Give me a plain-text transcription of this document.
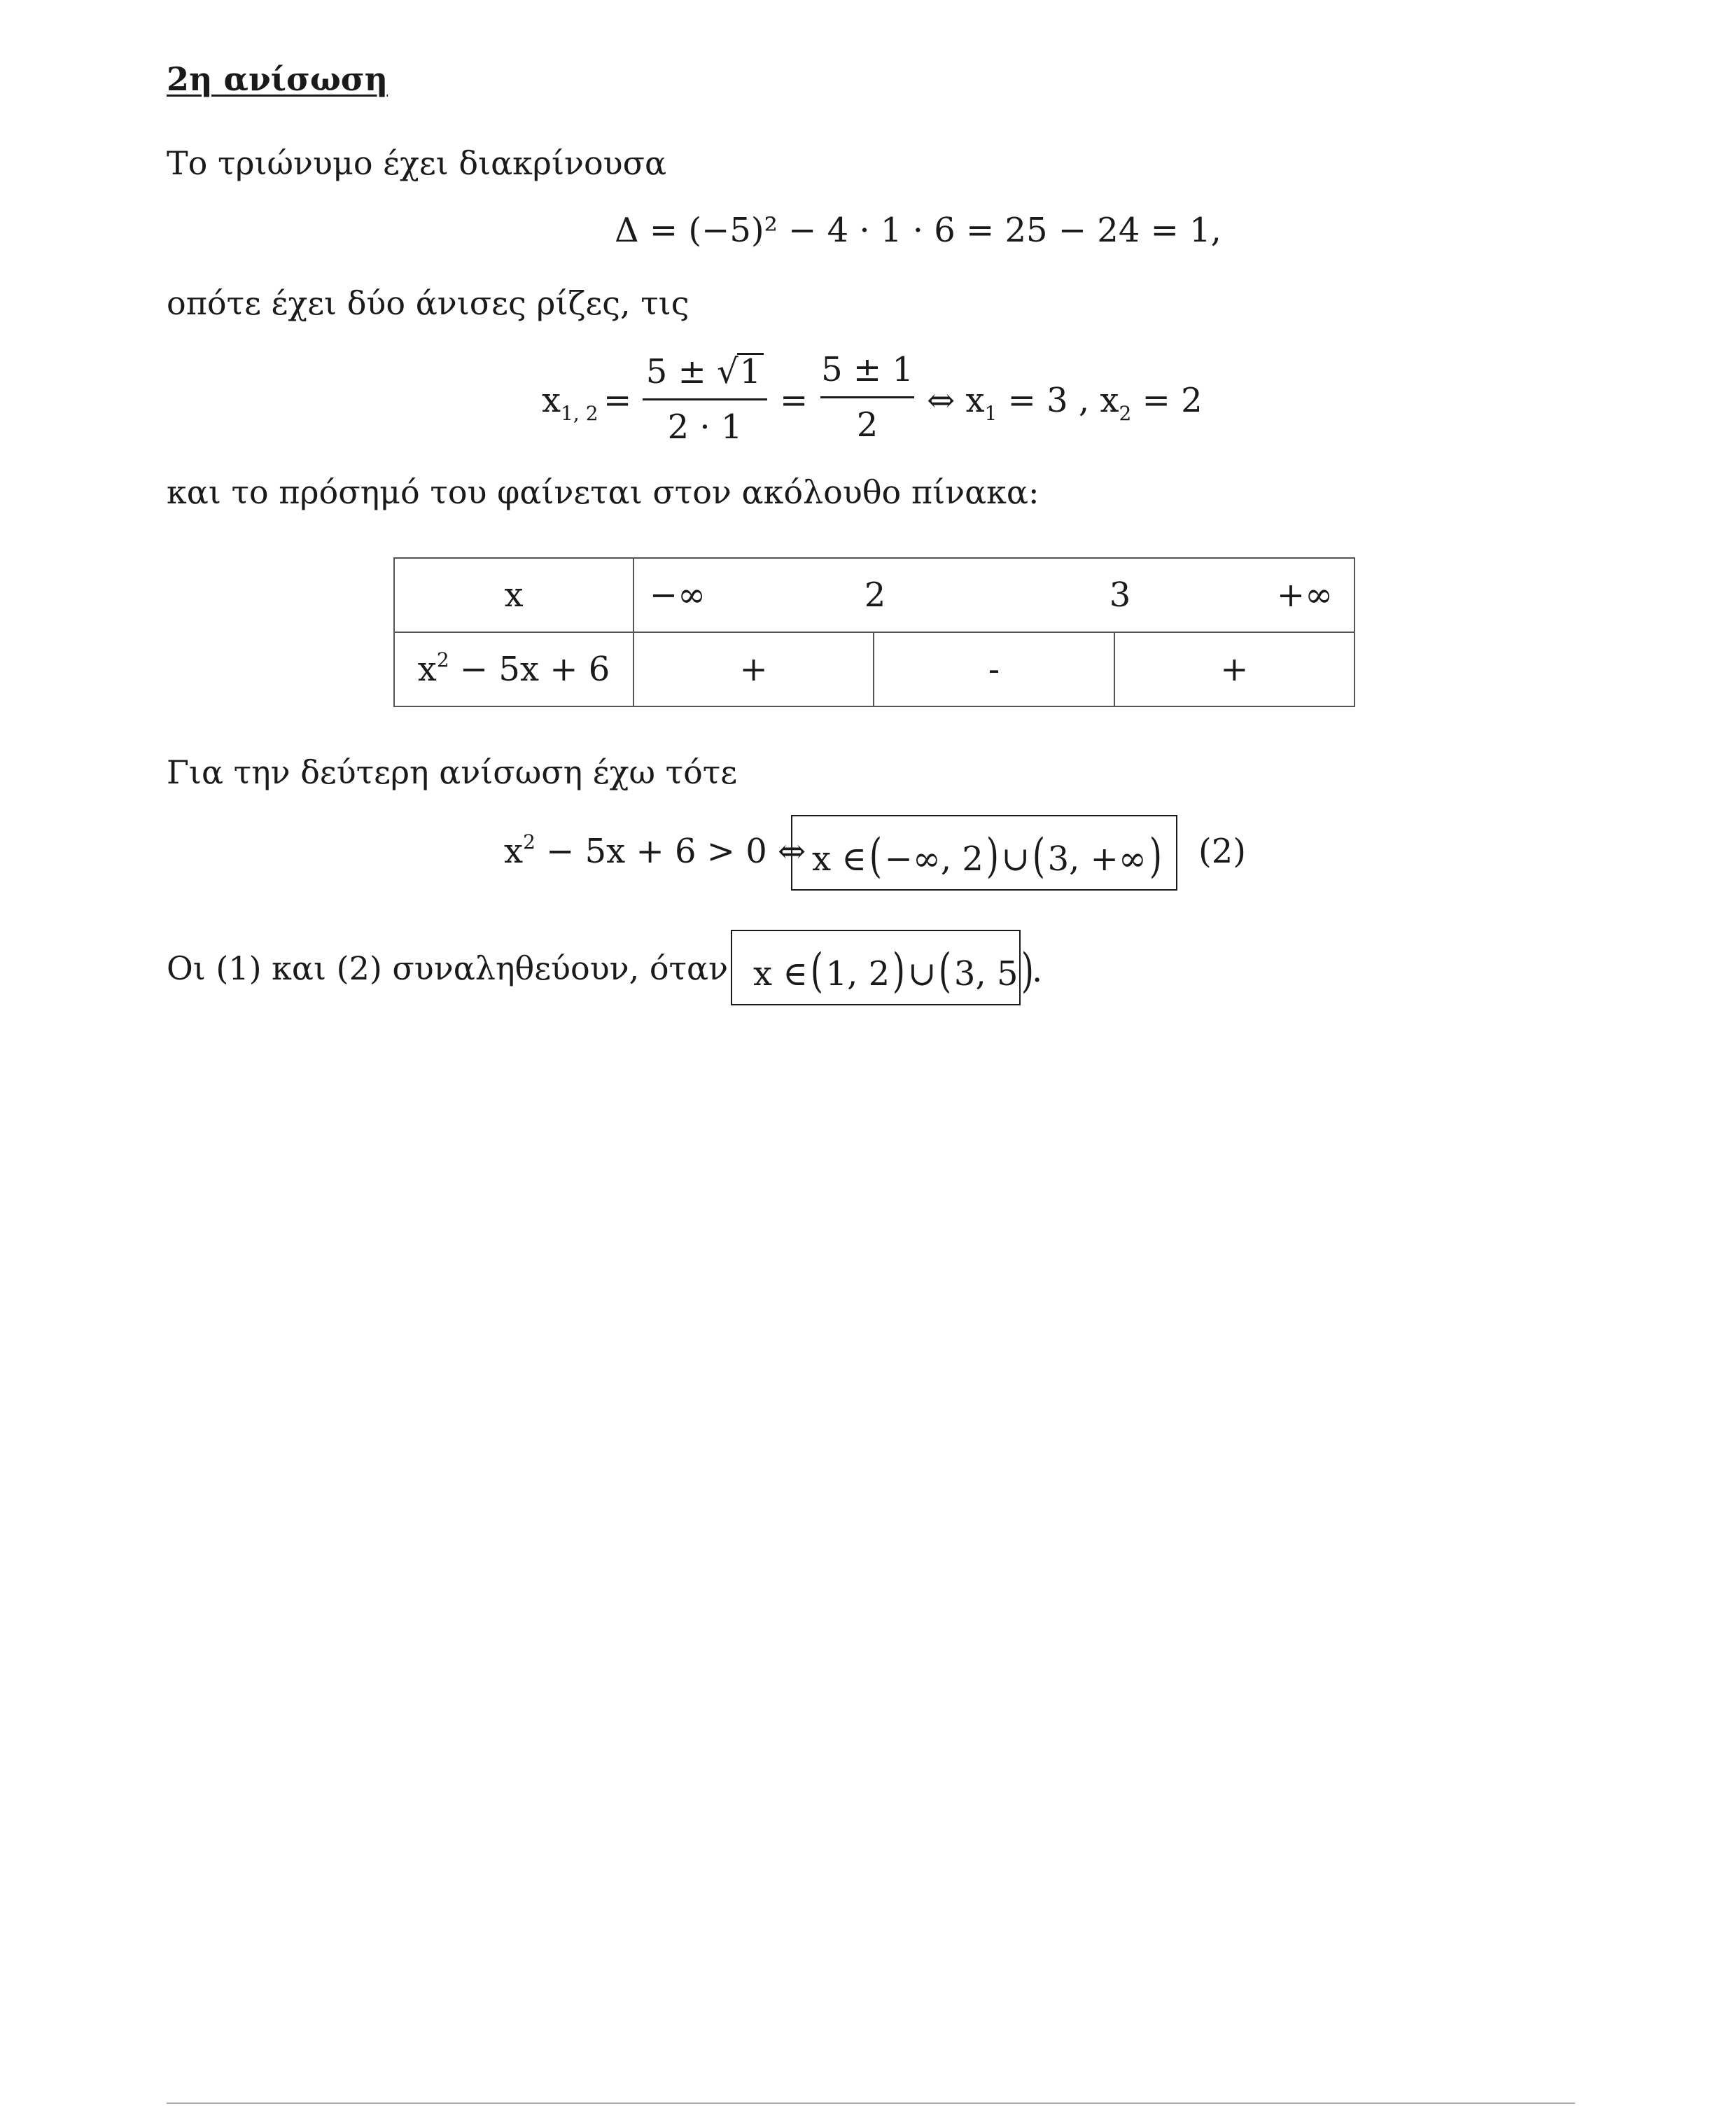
2η ανίσωση
Το τριώνυμο έχει διακρίνουσα
Δ = (−5)² − 4 · 1 · 6 = 25 − 24 = 1,
οπότε έχει δύο άνισες ρίζες, τις
$x_{1, 2}$ =
5 ± √1
2 · 1
=
5 ± 1
2
⇔ $x_1 = 3$ , $x_2 = 2$
και το πρόσημό του φαίνεται στον ακόλουθο πίνακα:
x	−∞ 2 3 +∞		

$x^2 - 5x + 6$	+	-	+
Για την δεύτερη ανίσωση έχω τότε
$x^2 - 5x + 6 > 0$ ⇔ x ∈(−∞, 2)∪(3, +∞) (2)
Οι (1) και (2) συναληθεύουν, όταν x ∈(1, 2)∪(3, 5)
.
